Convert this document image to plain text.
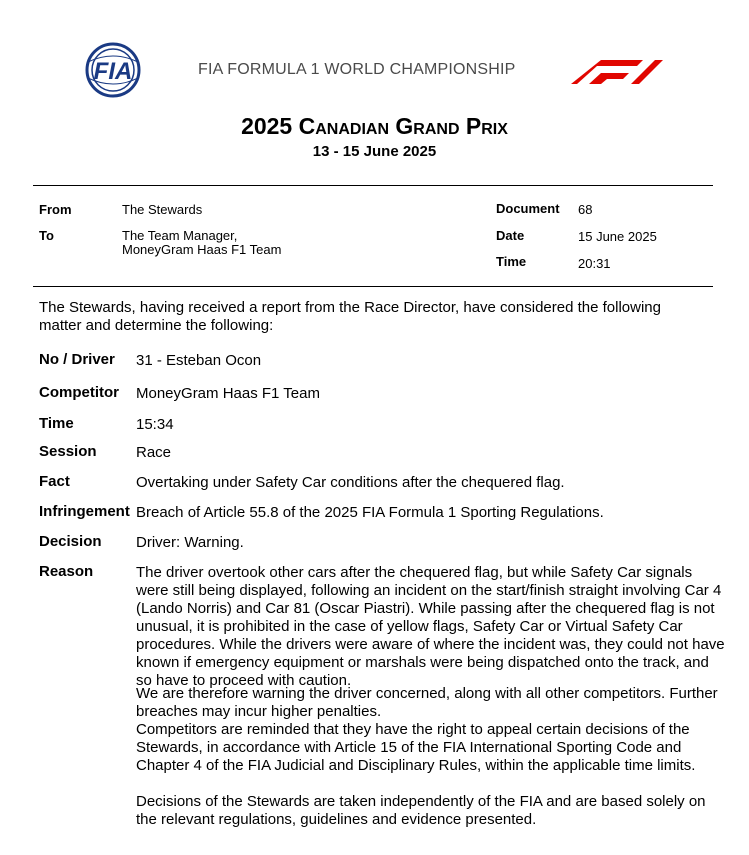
FIA	FIA FORMULA 1 WORLD CHAMPIONSHIP
2025 Canadian Grand Prix
13 - 15 June 2025
From	The Stewards
To	The Team Manager,
MoneyGram Haas F1 Team
Document 68
Date	15 June 2025
Time	20:31
The Stewards, having received a report from the Race Director, have considered the following matter and determine the following:
No / Driver 31 - Esteban Ocon
Competitor MoneyGram Haas F1 Team
Time	15:34
Session	Race
Fact	Overtaking under Safety Car conditions after the chequered flag.
Infringement Breach of Article 55.8 of the 2025 FIA Formula 1 Sporting Regulations.
Decision Driver: Warning.
Reason	The driver overtook other cars after the chequered flag, but while Safety Car signals were still being displayed, following an incident on the start/finish straight involving Car 4 (Lando Norris) and Car 81 (Oscar Piastri). While passing after the chequered flag is not unusual, it is prohibited in the case of yellow flags, Safety Car or Virtual Safety Car procedures. While the drivers were aware of where the incident was, they could not have known if emergency equipment or marshals were being dispatched onto the track, and so have to proceed with caution.
We are therefore warning the driver concerned, along with all other competitors. Further breaches may incur higher penalties.
Competitors are reminded that they have the right to appeal certain decisions of the Stewards, in accordance with Article 15 of the FIA International Sporting Code and Chapter 4 of the FIA Judicial and Disciplinary Rules, within the applicable time limits.
Decisions of the Stewards are taken independently of the FIA and are based solely on the relevant regulations, guidelines and evidence presented.
